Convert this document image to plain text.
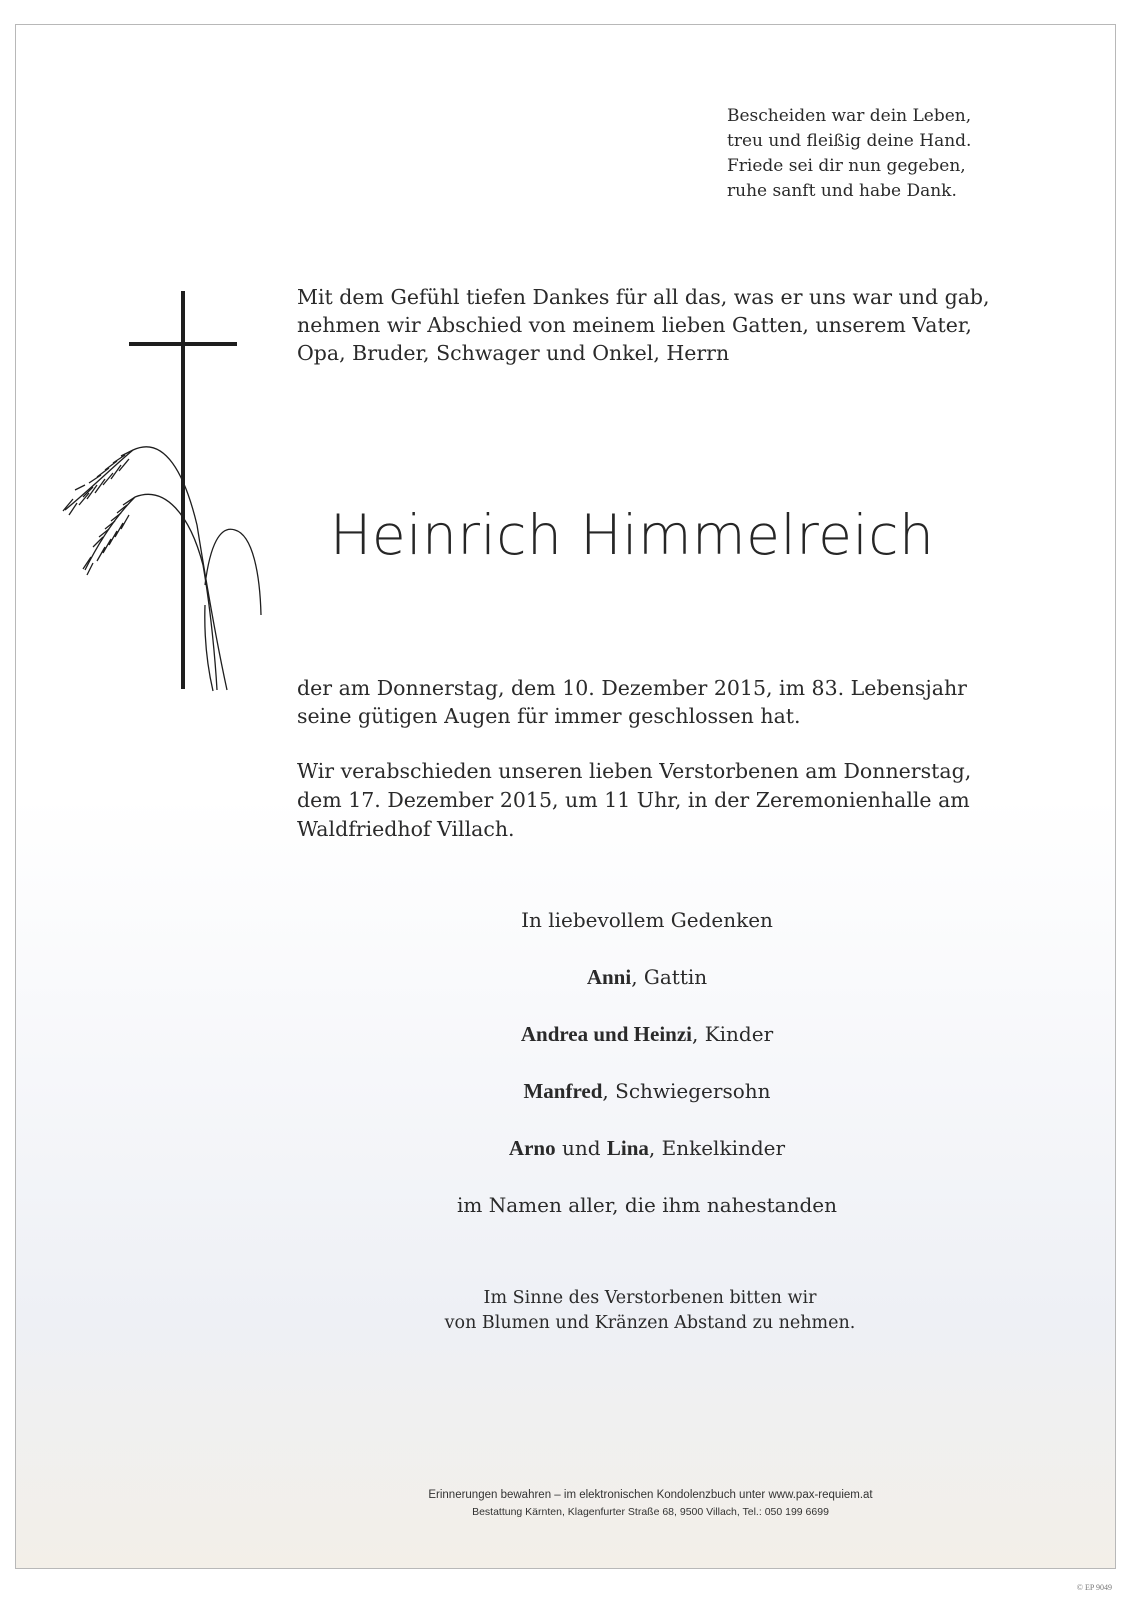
Bescheiden war dein Leben,
treu und fleißig deine Hand.
Friede sei dir nun gegeben,
ruhe sanft und habe Dank.
Mit dem Gefühl tiefen Dankes für all das, was er uns war und gab,
nehmen wir Abschied von meinem lieben Gatten, unserem Vater,
Opa, Bruder, Schwager und Onkel, Herrn
Heinrich Himmelreich
der am Donnerstag, dem 10. Dezember 2015, im 83. Lebensjahr
seine gütigen Augen für immer geschlossen hat.
Wir verabschieden unseren lieben Verstorbenen am Donnerstag,
dem 17. Dezember 2015, um 11 Uhr, in der Zeremonienhalle am
Waldfriedhof Villach.
In liebevollem Gedenken
Anni, Gattin
Andrea und Heinzi, Kinder
Manfred, Schwiegersohn
Arno und Lina, Enkelkinder
im Namen aller, die ihm nahestanden
Im Sinne des Verstorbenen bitten wir
von Blumen und Kränzen Abstand zu nehmen.
Erinnerungen bewahren – im elektronischen Kondolenzbuch unter www.pax-requiem.at
Bestattung Kärnten, Klagenfurter Straße 68, 9500 Villach, Tel.: 050 199 6699
© EP 9049
